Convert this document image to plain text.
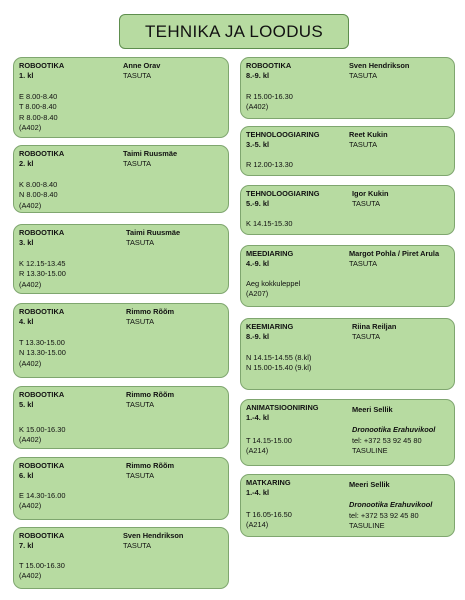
TEHNIKA JA LOODUS
ROBOOTIKA
1. kl
Anne Orav
TASUTA
E 8.00-8.40
T 8.00-8.40
R 8.00-8.40
(A402)
ROBOOTIKA
2. kl
Taimi Ruusmäe
TASUTA
K 8.00-8.40
N 8.00-8.40
(A402)
ROBOOTIKA
3. kl
Taimi Ruusmäe
TASUTA
K 12.15-13.45
R 13.30-15.00
(A402)
ROBOOTIKA
4. kl
Rimmo Rõõm
TASUTA
T 13.30-15.00
N 13.30-15.00
(A402)
ROBOOTIKA
5. kl
Rimmo Rõõm
TASUTA
K 15.00-16.30
(A402)
ROBOOTIKA
6. kl
Rimmo Rõõm
TASUTA
E 14.30-16.00
(A402)
ROBOOTIKA
7. kl
Sven Hendrikson
TASUTA
T 15.00-16.30
(A402)
ROBOOTIKA
8.-9. kl
Sven Hendrikson
TASUTA
R 15.00-16.30
(A402)
TEHNOLOOGIARING
3.-5. kl
Reet Kukin
TASUTA
R 12.00-13.30
TEHNOLOOGIARING
5.-9. kl
Igor Kukin
TASUTA
K 14.15-15.30
MEEDIARING
4.-9. kl
Margot Pohla / Piret Arula
TASUTA
Aeg kokkuleppel
(A207)
KEEMIARING
8.-9. kl
Riina Reiljan
TASUTA
N 14.15-14.55 (8.kl)
N 15.00-15.40 (9.kl)
ANIMATSIOONIRING
1.-4. kl
Meeri Sellik
Dronootika Erahuvikool
tel: +372 53 92 45 80
TASULINE
T 14.15-15.00
(A214)
MATKARING
1.-4. kl
Meeri Sellik
Dronootika Erahuvikool
tel: +372 53 92 45 80
TASULINE
T 16.05-16.50
(A214)
